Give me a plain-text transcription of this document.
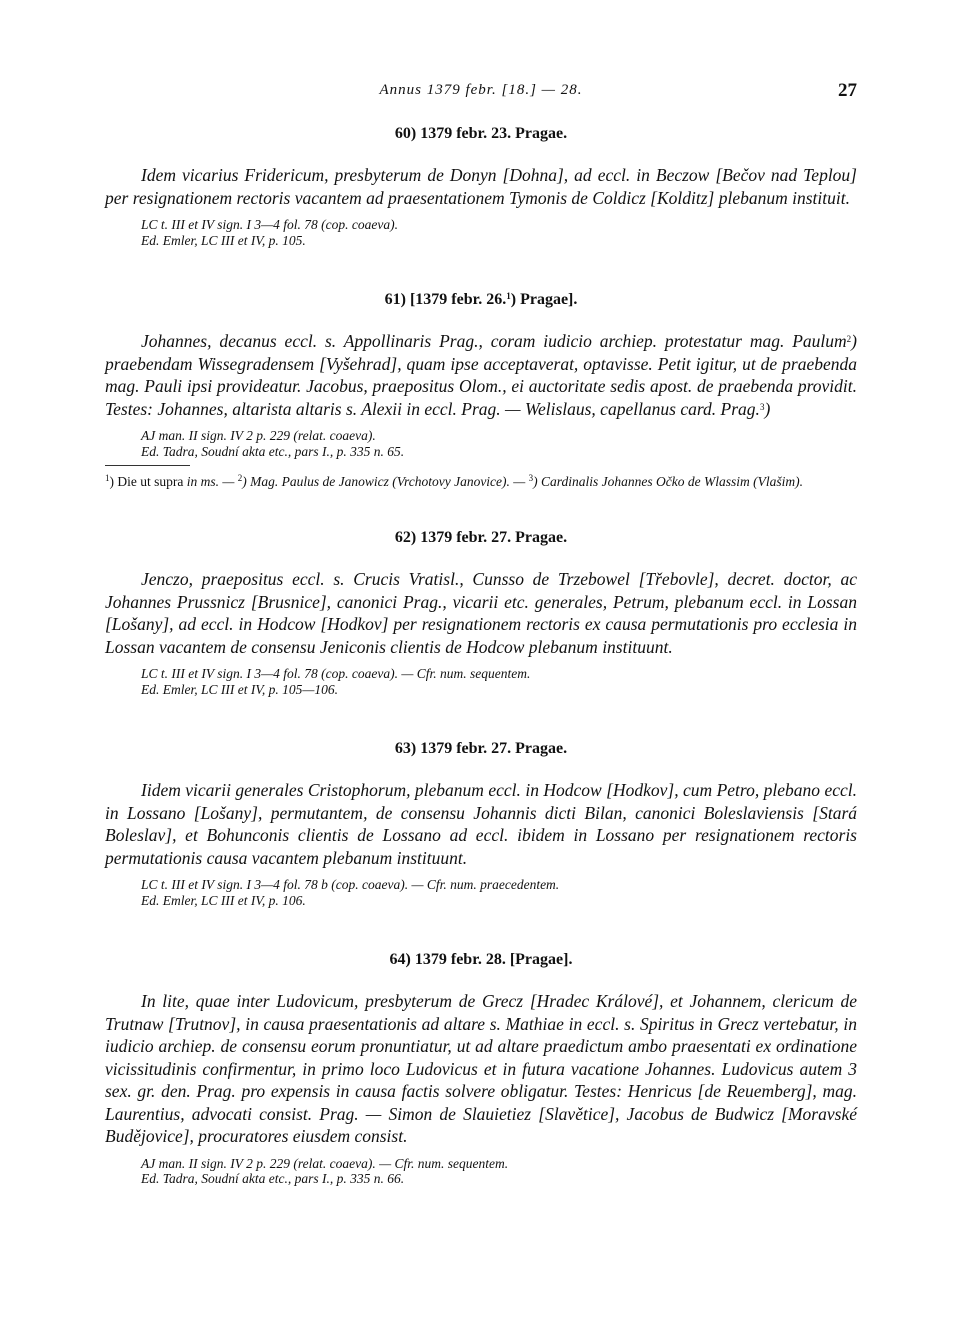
Annus 1379 febr. [18.] — 28.	27

60) 1379 febr. 23. Pragae.

Idem vicarius Fridericum, presbyterum de Donyn [Dohna], ad eccl. in Beczow [Bečov nad Teplou] per resignationem rectoris vacantem ad praesentationem Tymonis de Coldicz [Kolditz] plebanum instituit.

LC t. III et IV sign. I 3—4 fol. 78 (cop. coaeva).
Ed. Emler, LC III et IV, p. 105.

61) [1379 febr. 26.$^1$) Pragae].

Johannes, decanus eccl. s. Appollinaris Prag., coram iudicio archiep. protestatur mag. Paulum$^2$) praebendam Wissegradensem [Vyšehrad], quam ipse acceptaverat, optavisse. Petit igitur, ut de praebenda mag. Pauli ipsi provideatur. Jacobus, praepositus Olom., ei auctoritate sedis apost. de praebenda providit. Testes: Johannes, altarista altaris s. Alexii in eccl. Prag. — Welislaus, capellanus card. Prag.$^3$)

AJ man. II sign. IV 2 p. 229 (relat. coaeva).
Ed. Tadra, Soudní akta etc., pars I., p. 335 n. 65.

$^1$) Die ut supra in ms. — $^2$) Mag. Paulus de Janowicz (Vrchotovy Janovice). — $^3$) Cardinalis Johannes Očko de Wlassim (Vlašim).

62) 1379 febr. 27. Pragae.

Jenczo, praepositus eccl. s. Crucis Vratisl., Cunsso de Trzebowel [Třebovle], decret. doctor, ac Johannes Prussnicz [Brusnice], canonici Prag., vicarii etc. generales, Petrum, plebanum eccl. in Lossan [Lošany], ad eccl. in Hodcow [Hodkov] per resignationem rectoris ex causa permutationis pro ecclesia in Lossan vacantem de consensu Jeniconis clientis de Hodcow plebanum instituunt.

LC t. III et IV sign. I 3—4 fol. 78 (cop. coaeva). — Cfr. num. sequentem.
Ed. Emler, LC III et IV, p. 105—106.

63) 1379 febr. 27. Pragae.

Iidem vicarii generales Cristophorum, plebanum eccl. in Hodcow [Hodkov], cum Petro, plebano eccl. in Lossano [Lošany], permutantem, de consensu Johannis dicti Bilan, canonici Boleslaviensis [Stará Boleslav], et Bohunconis clientis de Lossano ad eccl. ibidem in Lossano per resignationem rectoris permutationis causa vacantem plebanum instituunt.

LC t. III et IV sign. I 3—4 fol. 78 b (cop. coaeva). — Cfr. num. praecedentem.
Ed. Emler, LC III et IV, p. 106.

64) 1379 febr. 28. [Pragae].

In lite, quae inter Ludovicum, presbyterum de Grecz [Hradec Králové], et Johannem, clericum de Trutnaw [Trutnov], in causa praesentationis ad altare s. Mathiae in eccl. s. Spiritus in Grecz vertebatur, in iudicio archiep. de consensu eorum pronuntiatur, ut ad altare praedictum ambo praesentati ex ordinatione vicissitudinis confirmentur, in primo loco Ludovicus et in futura vacatione Johannes. Ludovicus autem 3 sex. gr. den. Prag. pro expensis in causa factis solvere obligatur. Testes: Henricus [de Reuemberg], mag. Laurentius, advocati consist. Prag. — Simon de Slauietiez [Slavětice], Jacobus de Budwicz [Moravské Budějovice], procuratores eiusdem consist.

AJ man. II sign. IV 2 p. 229 (relat. coaeva). — Cfr. num. sequentem.
Ed. Tadra, Soudní akta etc., pars I., p. 335 n. 66.
